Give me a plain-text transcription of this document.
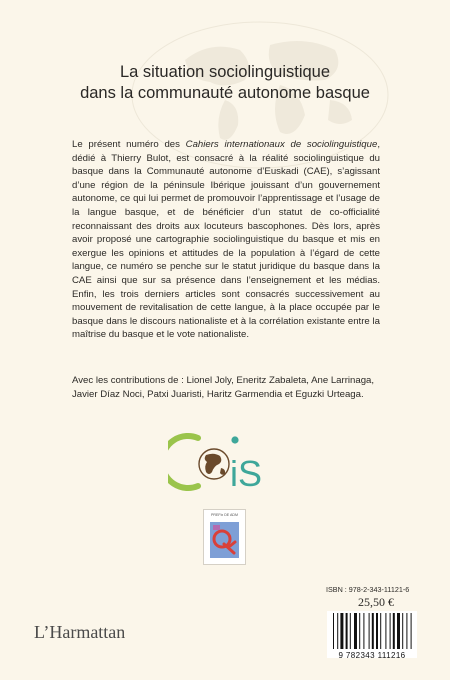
La situation sociolinguistique
dans la communauté autonome basque
Le présent numéro des Cahiers internationaux de sociolinguistique, dédié à Thierry Bulot, est consacré à la réalité sociolinguistique du basque dans la Communauté autonome d’Euskadi (CAE), s’agissant d’une région de la péninsule Ibérique jouissant d’un gouvernement autonome, ce qui lui permet de promouvoir l’apprentissage et l’usage de la langue basque, et de bénéficier d’un statut de co-officialité reconnaissant des droits aux locuteurs bascophones. Dès lors, après avoir proposé une cartographie sociolinguistique du basque et mis en exergue les opinions et attitudes de la population à l’égard de cette langue, ce numéro se penche sur le statut juridique du basque dans la CAE ainsi que sur sa présence dans l’enseignement et les médias. Enfin, les trois derniers articles sont consacrés successivement au mouvement de revitalisation de cette langue, à la place occupée par le basque dans le discours nationaliste et à la corrélation existante entre la maîtrise du basque et le vote nationaliste.
Avec les contributions de : Lionel Joly, Eneritz Zabaleta, Ane Larrinaga, Javier Díaz Noci, Patxi Juaristi, Haritz Garmendia et Eguzki Urteaga.
iS
PREFix DE ADM
ISBN : 978-2-343-11121-6
25,50 €
9 782343 111216
L’Harmattan
